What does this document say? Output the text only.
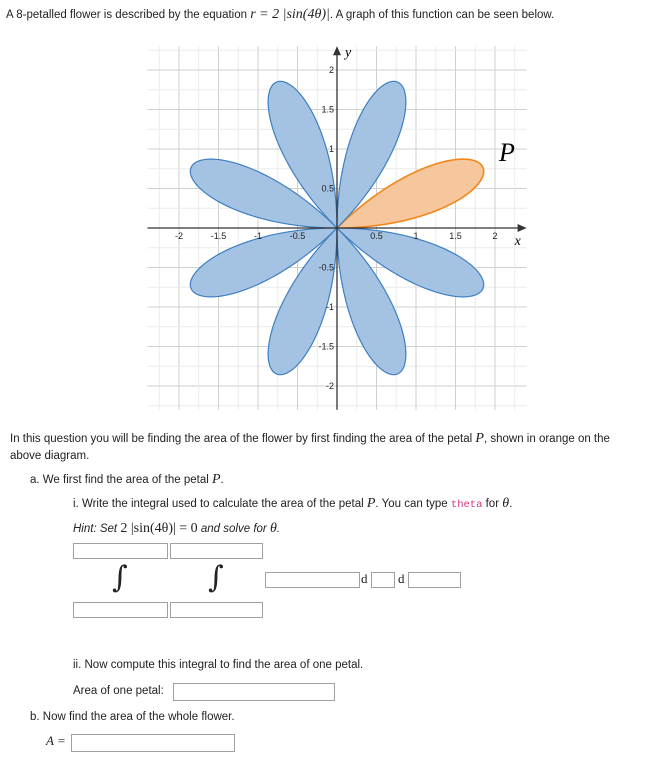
A 8-petalled flower is described by the equation r = 2 |sin(4θ)|. A graph of this function can be seen below.
-2	-1.5	-1	-0.5	0.5	1	1.5	2
2
1.5
1
0.5
-0.5
-1
-1.5
-2
x
y
P
In this question you will be finding the area of the flower by first finding the area of the petal P, shown in orange on the above diagram.
a. We first find the area of the petal P.
i. Write the integral used to calculate the area of the petal P. You can type theta for θ.
Hint: Set 2 |sin(4θ)| = 0 and solve for θ.
∫	∫	d d
ii. Now compute this integral to find the area of one petal.
Area of one petal:
b. Now find the area of the whole flower.
A =
